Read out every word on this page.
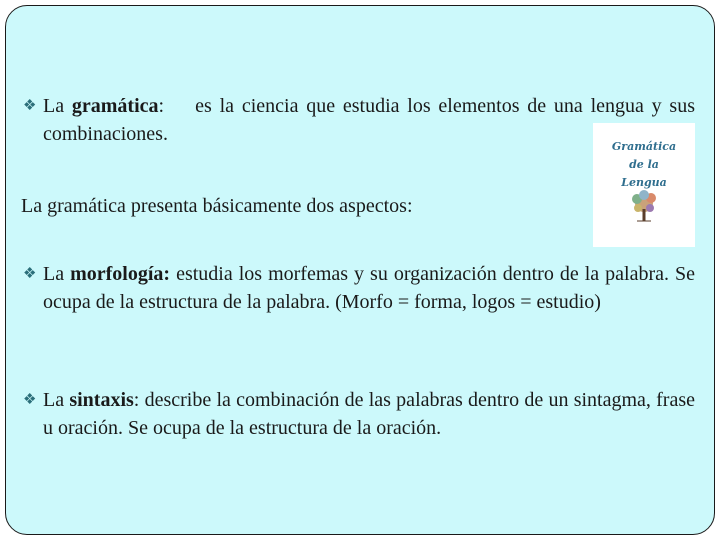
❖ La gramática:    es la ciencia que estudia los elementos de una lengua y sus combinaciones.
La gramática presenta básicamente dos aspectos:
❖ La morfología: estudia los morfemas y su organización dentro de la palabra. Se ocupa de la estructura de la palabra. (Morfo = forma, logos = estudio)
❖ La sintaxis: describe la combinación de las palabras dentro de un sintagma, frase u oración. Se ocupa de la estructura de la oración.
Gramática
de la
Lengua
